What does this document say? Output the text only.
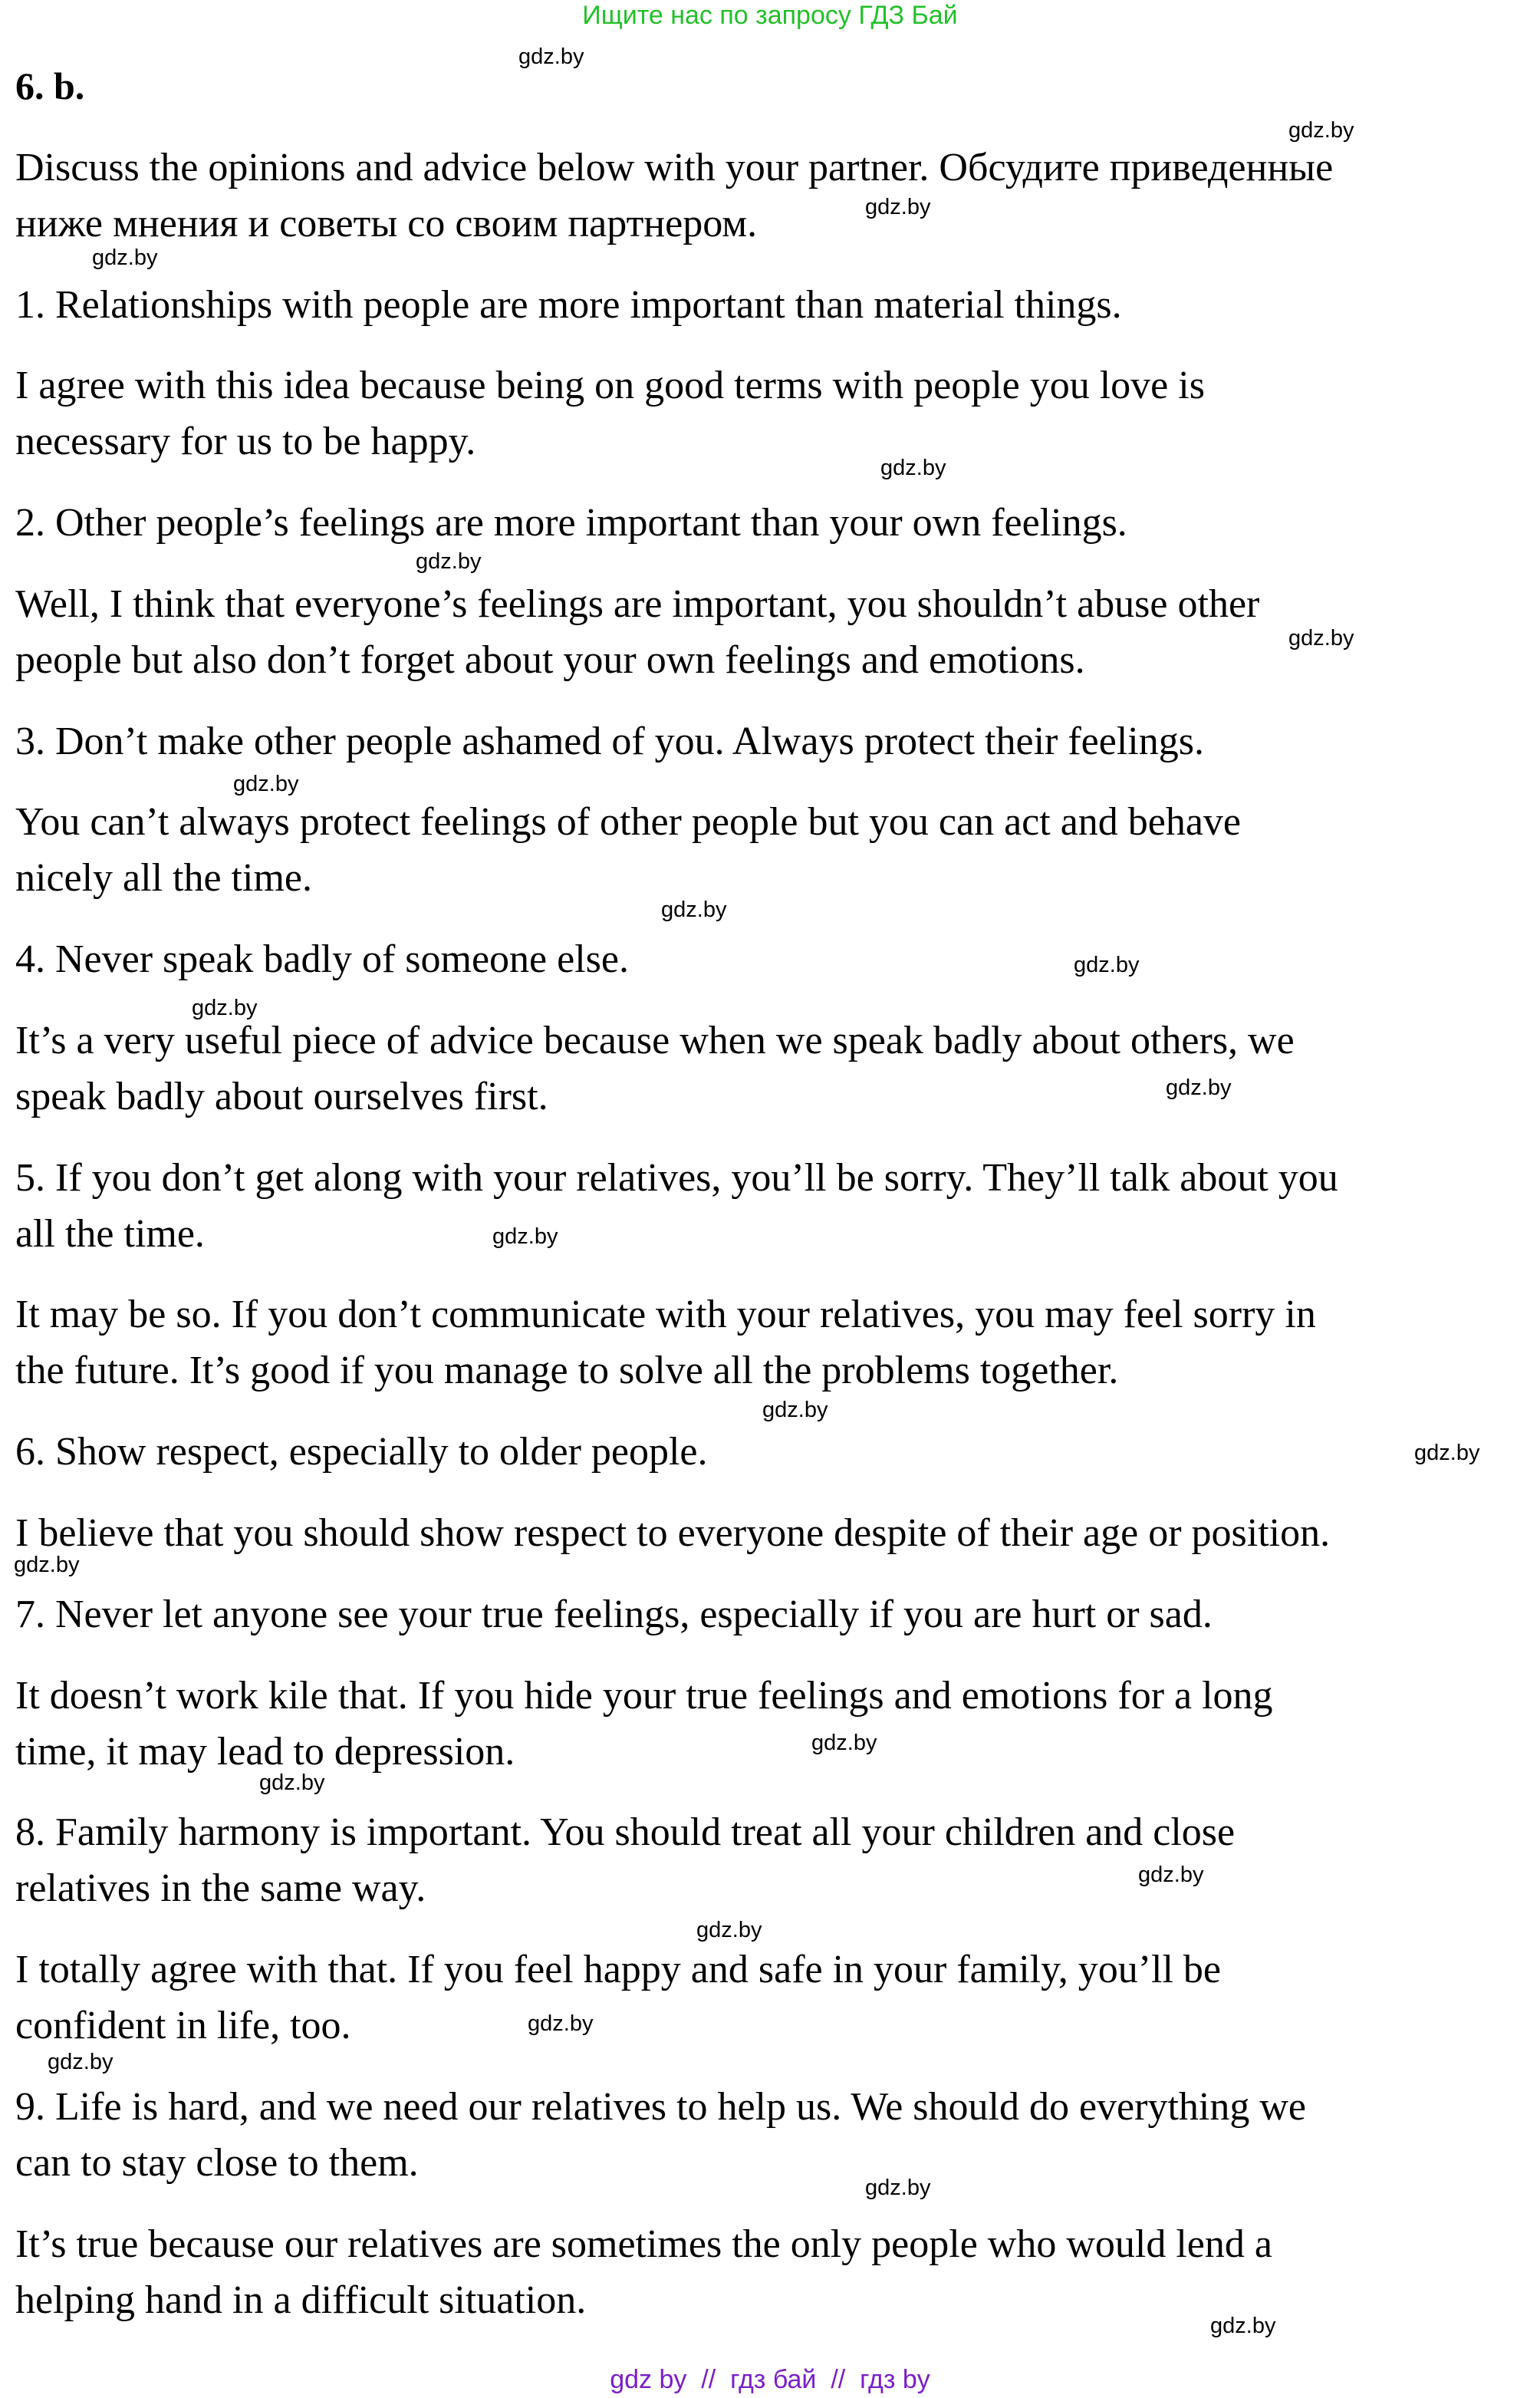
Ищите нас по запросу ГДЗ Бай
6. b.
Discuss the opinions and advice below with your partner. Обсудите приведенные
ниже мнения и советы со своим партнером.
1. Relationships with people are more important than material things.
I agree with this idea because being on good terms with people you love is
necessary for us to be happy.
2. Other people’s feelings are more important than your own feelings.
Well, I think that everyone’s feelings are important, you shouldn’t abuse other
people but also don’t forget about your own feelings and emotions.
3. Don’t make other people ashamed of you. Always protect their feelings.
You can’t always protect feelings of other people but you can act and behave
nicely all the time.
4. Never speak badly of someone else.
It’s a very useful piece of advice because when we speak badly about others, we
speak badly about ourselves first.
5. If you don’t get along with your relatives, you’ll be sorry. They’ll talk about you
all the time.
It may be so. If you don’t communicate with your relatives, you may feel sorry in
the future. It’s good if you manage to solve all the problems together.
6. Show respect, especially to older people.
I believe that you should show respect to everyone despite of their age or position.
7. Never let anyone see your true feelings, especially if you are hurt or sad.
It doesn’t work kile that. If you hide your true feelings and emotions for a long
time, it may lead to depression.
8. Family harmony is important. You should treat all your children and close
relatives in the same way.
I totally agree with that. If you feel happy and safe in your family, you’ll be
confident in life, too.
9. Life is hard, and we need our relatives to help us. We should do everything we
can to stay close to them.
It’s true because our relatives are sometimes the only people who would lend a
helping hand in a difficult situation.
gdz.by
gdz.by
gdz.by
gdz.by
gdz.by
gdz.by
gdz.by
gdz.by
gdz.by
gdz.by
gdz.by
gdz.by
gdz.by
gdz.by
gdz.by
gdz.by
gdz.by
gdz.by
gdz.by
gdz.by
gdz.by
gdz.by
gdz.by
gdz.by
gdz by  //  гдз бай  //  гдз by
